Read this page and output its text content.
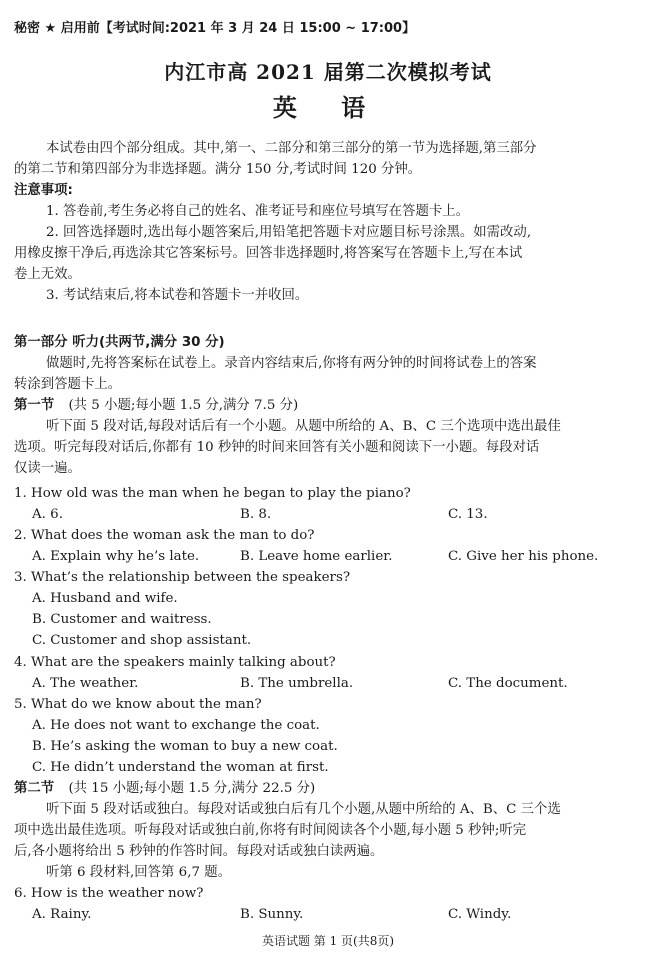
秘密 ★ 启用前【考试时间:2021 年 3 月 24 日 15:00 ~ 17:00】
内江市高 2021 届第二次模拟考试
英 语
本试卷由四个部分组成。其中,第一、二部分和第三部分的第一节为选择题,第三部分
的第二节和第四部分为非选择题。满分 150 分,考试时间 120 分钟。
注意事项:
1. 答卷前,考生务必将自己的姓名、准考证号和座位号填写在答题卡上。
2. 回答选择题时,选出每小题答案后,用铅笔把答题卡对应题目标号涂黑。如需改动,
用橡皮擦干净后,再选涂其它答案标号。回答非选择题时,将答案写在答题卡上,写在本试
卷上无效。
3. 考试结束后,将本试卷和答题卡一并收回。
第一部分 听力(共两节,满分 30 分)
做题时,先将答案标在试卷上。录音内容结束后,你将有两分钟的时间将试卷上的答案
转涂到答题卡上。
第一节 (共 5 小题;每小题 1.5 分,满分 7.5 分)
听下面 5 段对话,每段对话后有一个小题。从题中所给的 A、B、C 三个选项中选出最佳
选项。听完每段对话后,你都有 10 秒钟的时间来回答有关小题和阅读下一小题。每段对话
仅读一遍。
1. How old was the man when he began to play the piano?
A. 6.	B. 8.	C. 13.
2. What does the woman ask the man to do?
A. Explain why he’s late.	B. Leave home earlier.	C. Give her his phone.
3. What’s the relationship between the speakers?
A. Husband and wife.
B. Customer and waitress.
C. Customer and shop assistant.
4. What are the speakers mainly talking about?
A. The weather.	B. The umbrella.	C. The document.
5. What do we know about the man?
A. He does not want to exchange the coat.
B. He’s asking the woman to buy a new coat.
C. He didn’t understand the woman at first.
第二节 (共 15 小题;每小题 1.5 分,满分 22.5 分)
听下面 5 段对话或独白。每段对话或独白后有几个小题,从题中所给的 A、B、C 三个选
项中选出最佳选项。听每段对话或独白前,你将有时间阅读各个小题,每小题 5 秒钟;听完
后,各小题将给出 5 秒钟的作答时间。每段对话或独白读两遍。
听第 6 段材料,回答第 6,7 题。
6. How is the weather now?
A. Rainy.	B. Sunny.	C. Windy.
英语试题 第 1 页(共8页)
